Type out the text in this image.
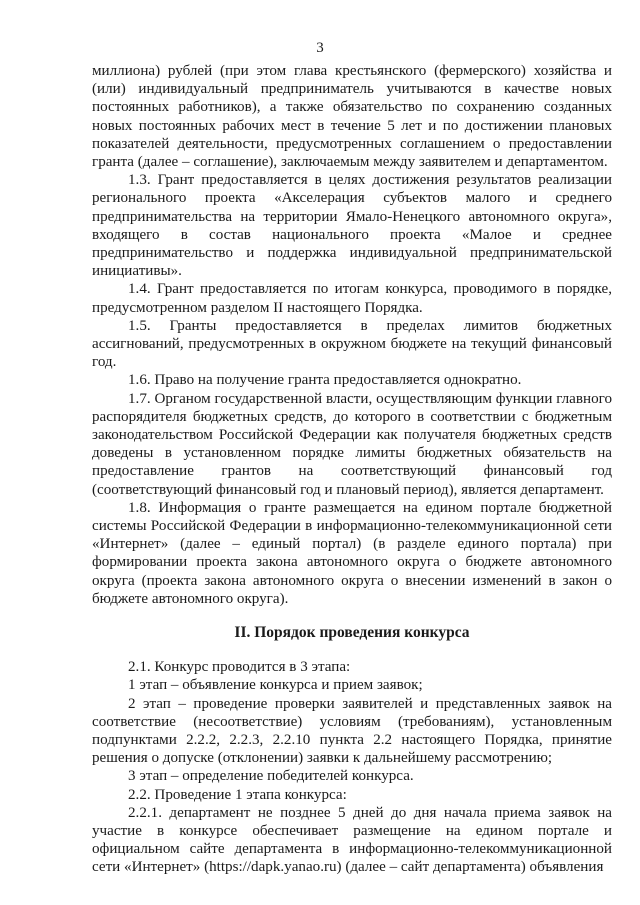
3

миллиона) рублей (при этом глава крестьянского (фермерского) хозяйства и (или) индивидуальный предприниматель учитываются в качестве новых постоянных работников), а также обязательство по сохранению созданных новых постоянных рабочих мест в течение 5 лет и по достижении плановых показателей деятельности, предусмотренных соглашением о предоставлении гранта (далее – соглашение), заключаемым между заявителем и департаментом.

1.3. Грант предоставляется в целях достижения результатов реализации регионального проекта «Акселерация субъектов малого и среднего предпринимательства на территории Ямало-Ненецкого автономного округа», входящего в состав национального проекта «Малое и среднее предпринимательство и поддержка индивидуальной предпринимательской инициативы».

1.4. Грант предоставляется по итогам конкурса, проводимого в порядке, предусмотренном разделом II настоящего Порядка.

1.5. Гранты предоставляется в пределах лимитов бюджетных ассигнований, предусмотренных в окружном бюджете на текущий финансовый год.

1.6. Право на получение гранта предоставляется однократно.

1.7. Органом государственной власти, осуществляющим функции главного распорядителя бюджетных средств, до которого в соответствии с бюджетным законодательством Российской Федерации как получателя бюджетных средств доведены в установленном порядке лимиты бюджетных обязательств на предоставление грантов на соответствующий финансовый год (соответствующий финансовый год и плановый период), является департамент.

1.8. Информация о гранте размещается на едином портале бюджетной системы Российской Федерации в информационно-телекоммуникационной сети «Интернет» (далее – единый портал) (в разделе единого портала) при формировании проекта закона автономного округа о бюджете автономного округа (проекта закона автономного округа о внесении изменений в закон о бюджете автономного округа).

II. Порядок проведения конкурса

2.1. Конкурс проводится в 3 этапа:

1 этап – объявление конкурса и прием заявок;

2 этап – проведение проверки заявителей и представленных заявок на соответствие (несоответствие) условиям (требованиям), установленным подпунктами 2.2.2, 2.2.3, 2.2.10 пункта 2.2 настоящего Порядка, принятие решения о допуске (отклонении) заявки к дальнейшему рассмотрению;

3 этап – определение победителей конкурса.

2.2. Проведение 1 этапа конкурса:

2.2.1. департамент не позднее 5 дней до дня начала приема заявок на участие в конкурсе обеспечивает размещение на едином портале и официальном сайте департамента в информационно-телекоммуникационной сети «Интернет» (https://dapk.yanao.ru) (далее – сайт департамента) объявления
